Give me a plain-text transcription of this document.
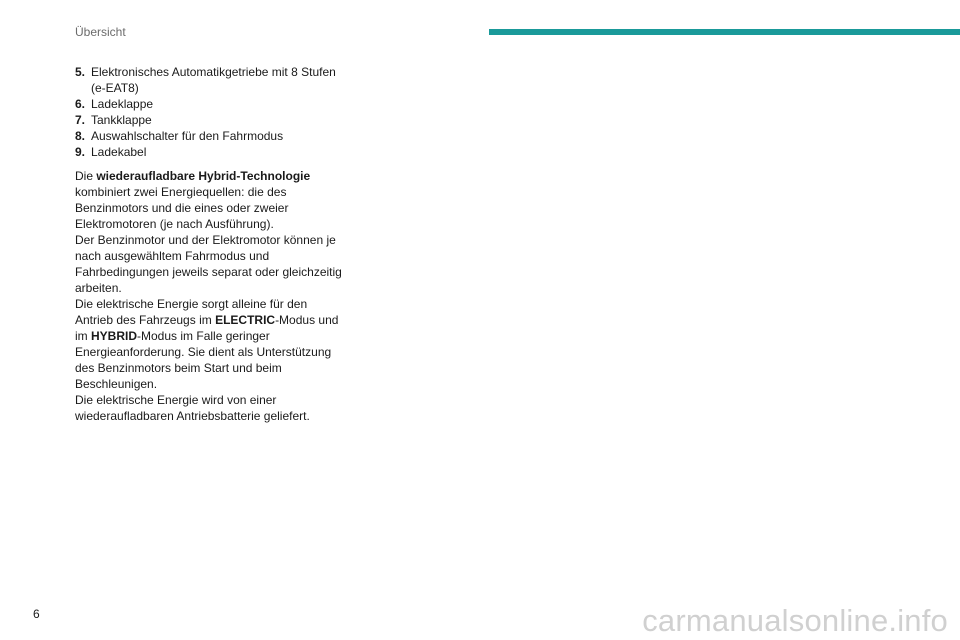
Übersicht
5. Elektronisches Automatikgetriebe mit 8 Stufen (e-EAT8)
6. Ladeklappe
7. Tankklappe
8. Auswahlschalter für den Fahrmodus
9. Ladekabel

Die wiederaufladbare Hybrid-Technologie kombiniert zwei Energiequellen: die des Benzinmotors und die eines oder zweier Elektromotoren (je nach Ausführung).
Der Benzinmotor und der Elektromotor können je nach ausgewähltem Fahrmodus und Fahrbedingungen jeweils separat oder gleichzeitig arbeiten.
Die elektrische Energie sorgt alleine für den Antrieb des Fahrzeugs im ELECTRIC-Modus und im HYBRID-Modus im Falle geringer Energieanforderung. Sie dient als Unterstützung des Benzinmotors beim Start und beim Beschleunigen.
Die elektrische Energie wird von einer wiederaufladbaren Antriebsbatterie geliefert.

6	carmanualsonline.info
